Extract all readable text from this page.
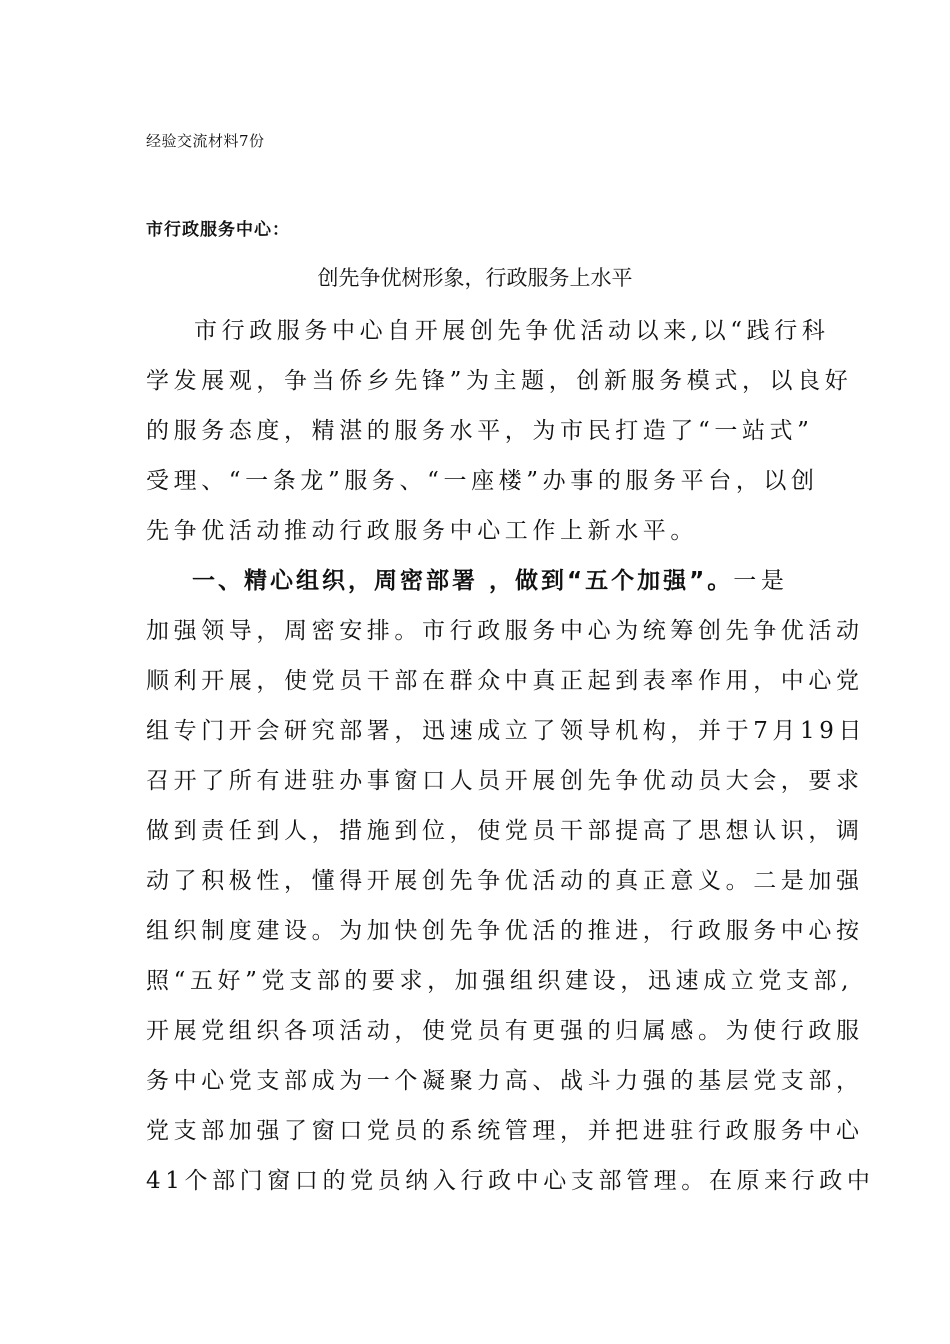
经验交流材料7份
市行政服务中心：
创先争优树形象，行政服务上水平
市行政服务中心自开展创先争优活动以来,以“践行科
学发展观，争当侨乡先锋”为主题，创新服务模式，以良好
的服务态度，精湛的服务水平，为市民打造了“一站式”
受理、“一条龙”服务、“一座楼”办事的服务平台，以创
先争优活动推动行政服务中心工作上新水平。
一、精心组织，周密部署 ，做到“五个加强”。一是
加强领导，周密安排。市行政服务中心为统筹创先争优活动
顺利开展，使党员干部在群众中真正起到表率作用，中心党
组专门开会研究部署，迅速成立了领导机构，并于7月19日
召开了所有进驻办事窗口人员开展创先争优动员大会，要求
做到责任到人，措施到位，使党员干部提高了思想认识，调
动了积极性，懂得开展创先争优活动的真正意义。二是加强
组织制度建设。为加快创先争优活的推进，行政服务中心按
照“五好”党支部的要求，加强组织建设，迅速成立党支部,
开展党组织各项活动，使党员有更强的归属感。为使行政服
务中心党支部成为一个凝聚力高、战斗力强的基层党支部，
党支部加强了窗口党员的系统管理，并把进驻行政服务中心
41个部门窗口的党员纳入行政中心支部管理。在原来行政中
